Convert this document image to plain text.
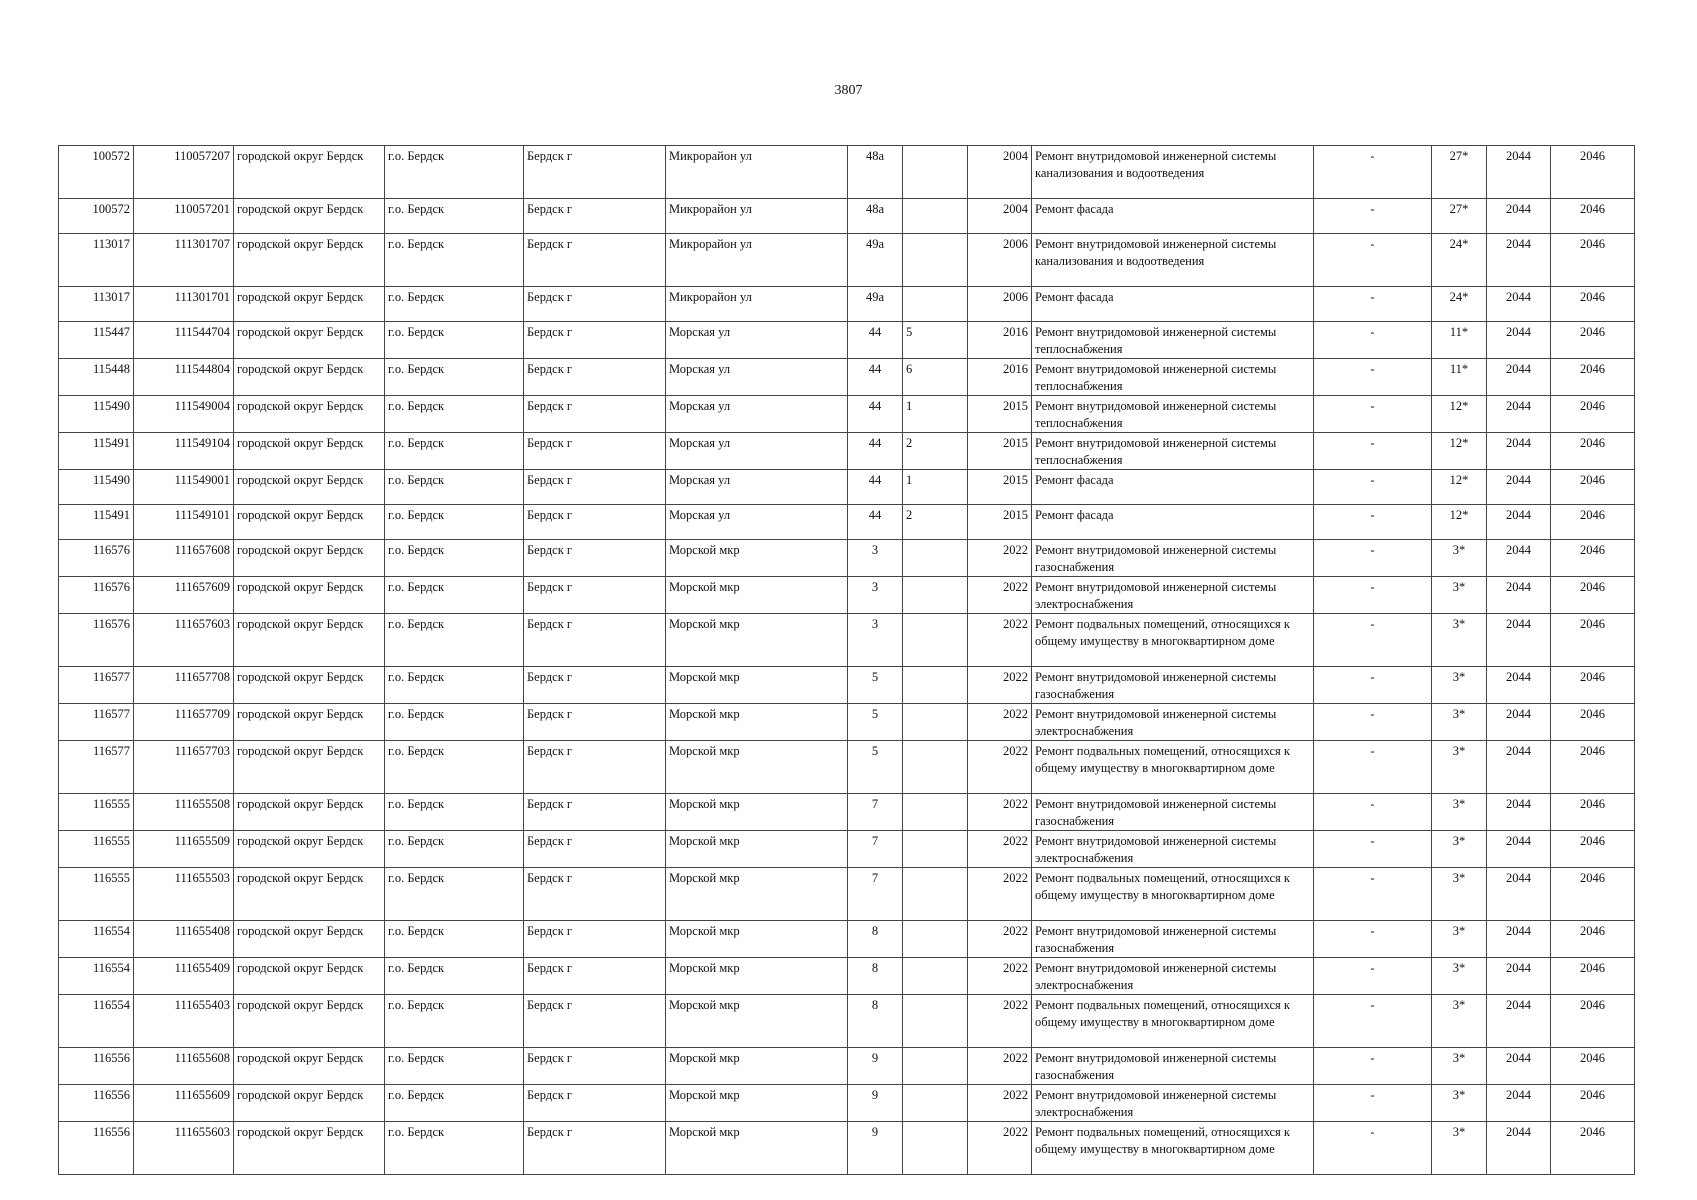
3807
100572	110057207	городской округ Бердск	г.о. Бердск	Бердск г	Микрорайон ул	48а		2004	Ремонт внутридомовой инженерной системы канализования и водоотведения	-	27*	2044	2046
100572	110057201	городской округ Бердск	г.о. Бердск	Бердск г	Микрорайон ул	48а		2004	Ремонт фасада	-	27*	2044	2046
113017	111301707	городской округ Бердск	г.о. Бердск	Бердск г	Микрорайон ул	49а		2006	Ремонт внутридомовой инженерной системы канализования и водоотведения	-	24*	2044	2046
113017	111301701	городской округ Бердск	г.о. Бердск	Бердск г	Микрорайон ул	49а		2006	Ремонт фасада	-	24*	2044	2046
115447	111544704	городской округ Бердск	г.о. Бердск	Бердск г	Морская ул	44	5	2016	Ремонт внутридомовой инженерной системы теплоснабжения	-	11*	2044	2046
115448	111544804	городской округ Бердск	г.о. Бердск	Бердск г	Морская ул	44	6	2016	Ремонт внутридомовой инженерной системы теплоснабжения	-	11*	2044	2046
115490	111549004	городской округ Бердск	г.о. Бердск	Бердск г	Морская ул	44	1	2015	Ремонт внутридомовой инженерной системы теплоснабжения	-	12*	2044	2046
115491	111549104	городской округ Бердск	г.о. Бердск	Бердск г	Морская ул	44	2	2015	Ремонт внутридомовой инженерной системы теплоснабжения	-	12*	2044	2046
115490	111549001	городской округ Бердск	г.о. Бердск	Бердск г	Морская ул	44	1	2015	Ремонт фасада	-	12*	2044	2046
115491	111549101	городской округ Бердск	г.о. Бердск	Бердск г	Морская ул	44	2	2015	Ремонт фасада	-	12*	2044	2046
116576	111657608	городской округ Бердск	г.о. Бердск	Бердск г	Морской мкр	3		2022	Ремонт внутридомовой инженерной системы газоснабжения	-	3*	2044	2046
116576	111657609	городской округ Бердск	г.о. Бердск	Бердск г	Морской мкр	3		2022	Ремонт внутридомовой инженерной системы электроснабжения	-	3*	2044	2046
116576	111657603	городской округ Бердск	г.о. Бердск	Бердск г	Морской мкр	3		2022	Ремонт подвальных помещений, относящихся к общему имуществу в многоквартирном доме	-	3*	2044	2046
116577	111657708	городской округ Бердск	г.о. Бердск	Бердск г	Морской мкр	5		2022	Ремонт внутридомовой инженерной системы газоснабжения	-	3*	2044	2046
116577	111657709	городской округ Бердск	г.о. Бердск	Бердск г	Морской мкр	5		2022	Ремонт внутридомовой инженерной системы электроснабжения	-	3*	2044	2046
116577	111657703	городской округ Бердск	г.о. Бердск	Бердск г	Морской мкр	5		2022	Ремонт подвальных помещений, относящихся к общему имуществу в многоквартирном доме	-	3*	2044	2046
116555	111655508	городской округ Бердск	г.о. Бердск	Бердск г	Морской мкр	7		2022	Ремонт внутридомовой инженерной системы газоснабжения	-	3*	2044	2046
116555	111655509	городской округ Бердск	г.о. Бердск	Бердск г	Морской мкр	7		2022	Ремонт внутридомовой инженерной системы электроснабжения	-	3*	2044	2046
116555	111655503	городской округ Бердск	г.о. Бердск	Бердск г	Морской мкр	7		2022	Ремонт подвальных помещений, относящихся к общему имуществу в многоквартирном доме	-	3*	2044	2046
116554	111655408	городской округ Бердск	г.о. Бердск	Бердск г	Морской мкр	8		2022	Ремонт внутридомовой инженерной системы газоснабжения	-	3*	2044	2046
116554	111655409	городской округ Бердск	г.о. Бердск	Бердск г	Морской мкр	8		2022	Ремонт внутридомовой инженерной системы электроснабжения	-	3*	2044	2046
116554	111655403	городской округ Бердск	г.о. Бердск	Бердск г	Морской мкр	8		2022	Ремонт подвальных помещений, относящихся к общему имуществу в многоквартирном доме	-	3*	2044	2046
116556	111655608	городской округ Бердск	г.о. Бердск	Бердск г	Морской мкр	9		2022	Ремонт внутридомовой инженерной системы газоснабжения	-	3*	2044	2046
116556	111655609	городской округ Бердск	г.о. Бердск	Бердск г	Морской мкр	9		2022	Ремонт внутридомовой инженерной системы электроснабжения	-	3*	2044	2046
116556	111655603	городской округ Бердск	г.о. Бердск	Бердск г	Морской мкр	9		2022	Ремонт подвальных помещений, относящихся к общему имуществу в многоквартирном доме	-	3*	2044	2046
